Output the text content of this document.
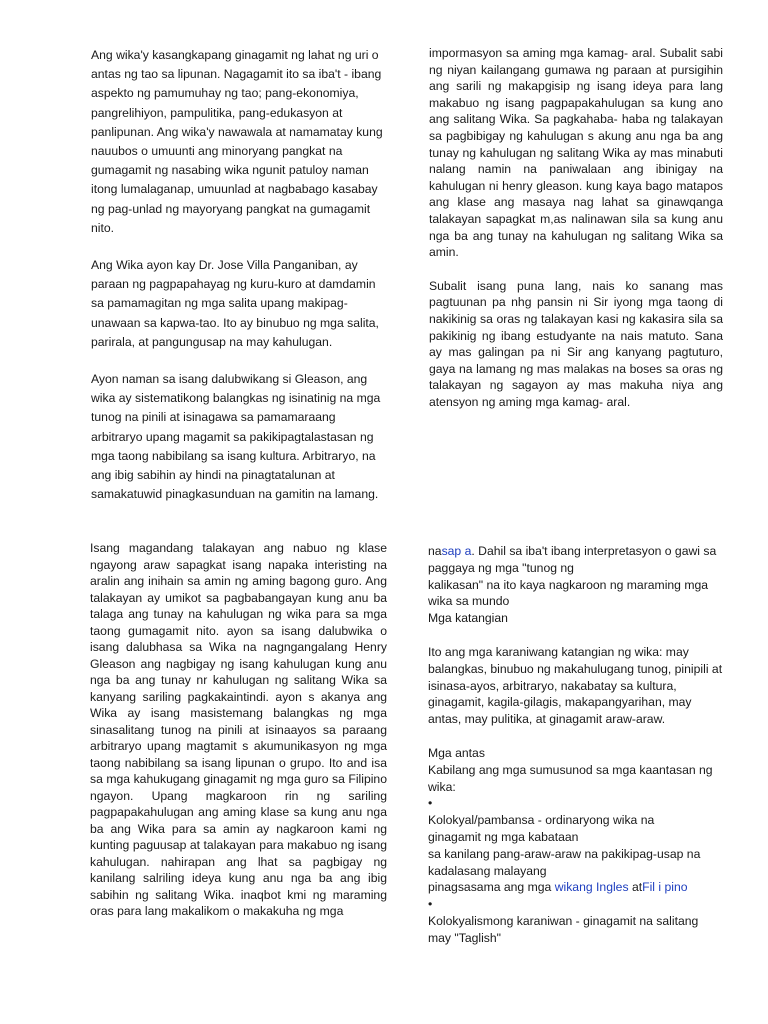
Ang wika'y kasangkapang ginagamit ng lahat ng uri o antas ng tao sa lipunan. Nagagamit ito sa iba't - ibang aspekto ng pamumuhay ng tao; pang-ekonomiya, pangrelihiyon, pampulitika, pang-edukasyon at panlipunan. Ang wika'y nawawala at namamatay kung nauubos o umuunti ang minoryang pangkat na gumagamit ng nasabing wika ngunit patuloy naman itong lumalaganap, umuunlad at nagbabago kasabay ng pag-unlad ng mayoryang pangkat na gumagamit nito.

Ang Wika ayon kay Dr. Jose Villa Panganiban, ay paraan ng pagpapahayag ng kuru-kuro at damdamin sa pamamagitan ng mga salita upang makipag-unawaan sa kapwa-tao. Ito ay binubuo ng mga salita, parirala, at pangungusap na may kahulugan.

Ayon naman sa isang dalubwikang si Gleason, ang wika ay sistematikong balangkas ng isinatinig na mga tunog na pinili at isinagawa sa pamamaraang arbitraryo upang magamit sa pakikipagtalastasan ng mga taong nabibilang sa isang kultura. Arbitraryo, na ang ibig sabihin ay hindi na pinagtatalunan at samakatuwid pinagkasunduan na gamitin na lamang.

impormasyon sa aming mga kamag- aral. Subalit sabi ng niyan kailangang gumawa ng paraan at pursigihin ang sarili ng makapgisip ng isang ideya para lang makabuo ng isang pagpapakahulugan sa kung ano ang salitang Wika. Sa pagkahaba- haba ng talakayan sa pagbibigay ng kahulugan s akung anu nga ba ang tunay ng kahulugan ng salitang Wika ay mas minabuti nalang namin na paniwalaan ang ibinigay na kahulugan ni henry gleason. kung kaya bago matapos ang klase ang masaya nag lahat sa ginawqanga talakayan sapagkat m,as nalinawan sila sa kung anu nga ba ang tunay na kahulugan ng salitang Wika sa amin.

Subalit isang puna lang, nais ko sanang mas pagtuunan pa nhg pansin ni Sir iyong mga taong di nakikinig sa oras ng talakayan kasi ng kakasira sila sa pakikinig ng ibang estudyante na nais matuto. Sana ay mas galingan pa ni Sir ang kanyang pagtuturo, gaya na lamang ng mas malakas na boses sa oras ng talakayan ng sagayon ay mas makuha niya ang atensyon ng aming mga kamag- aral.

Isang magandang talakayan ang nabuo ng klase ngayong araw sapagkat isang napaka interisting na aralin ang inihain sa amin ng aming bagong guro. Ang talakayan ay umikot sa pagbabangayan kung anu ba talaga ang tunay na kahulugan ng wika para sa mga taong gumagamit nito. ayon sa isang dalubwika o isang dalubhasa sa Wika na nagngangalang Henry Gleason ang nagbigay ng isang kahulugan kung anu nga ba ang tunay nr kahulugan ng salitang Wika sa kanyang sariling pagkakaintindi. ayon s akanya ang Wika ay isang masistemang balangkas ng mga sinasalitang tunog na pinili at isinaayos sa paraang arbitraryo upang magtamit s akumunikasyon ng mga taong nabibilang sa isang lipunan o grupo. Ito and isa sa mga kahukugang ginagamit ng mga guro sa Filipino ngayon. Upang magkaroon rin ng sariling pagpapakahulugan ang aming klase sa kung anu nga ba ang Wika para sa amin ay nagkaroon kami ng kunting paguusap at talakayan para makabuo ng isang kahulugan. nahirapan ang lhat sa pagbigay ng kanilang salriling ideya kung anu nga ba ang ibig sabihin ng salitang Wika. inaqbot kmi ng maraming oras para lang makalikom o makakuha ng mga

nasap a. Dahil sa iba't ibang interpretasyon o gawi sa paggaya ng mga "tunog ng
kalikasan" na ito kaya nagkaroon ng maraming mga wika sa mundo
Mga katangian

Ito ang mga karaniwang katangian ng wika: may balangkas, binubuo ng makahulugang tunog, pinipili at isinasa-ayos, arbitraryo, nakabatay sa kultura, ginagamit, kagila-gilagis, makapangyarihan, may antas, may pulitika, at ginagamit araw-araw.

Mga antas
Kabilang ang mga sumusunod sa mga kaantasan ng wika:
•
Kolokyal/pambansa - ordinaryong wika na
ginagamit ng mga kabataan
sa kanilang pang-araw-araw na pakikipag-usap na
kadalasang malayang
pinagsasama ang mga wikang Ingles atFil i pino
•
Kolokyalismong karaniwan - ginagamit na salitang
may "Taglish"
